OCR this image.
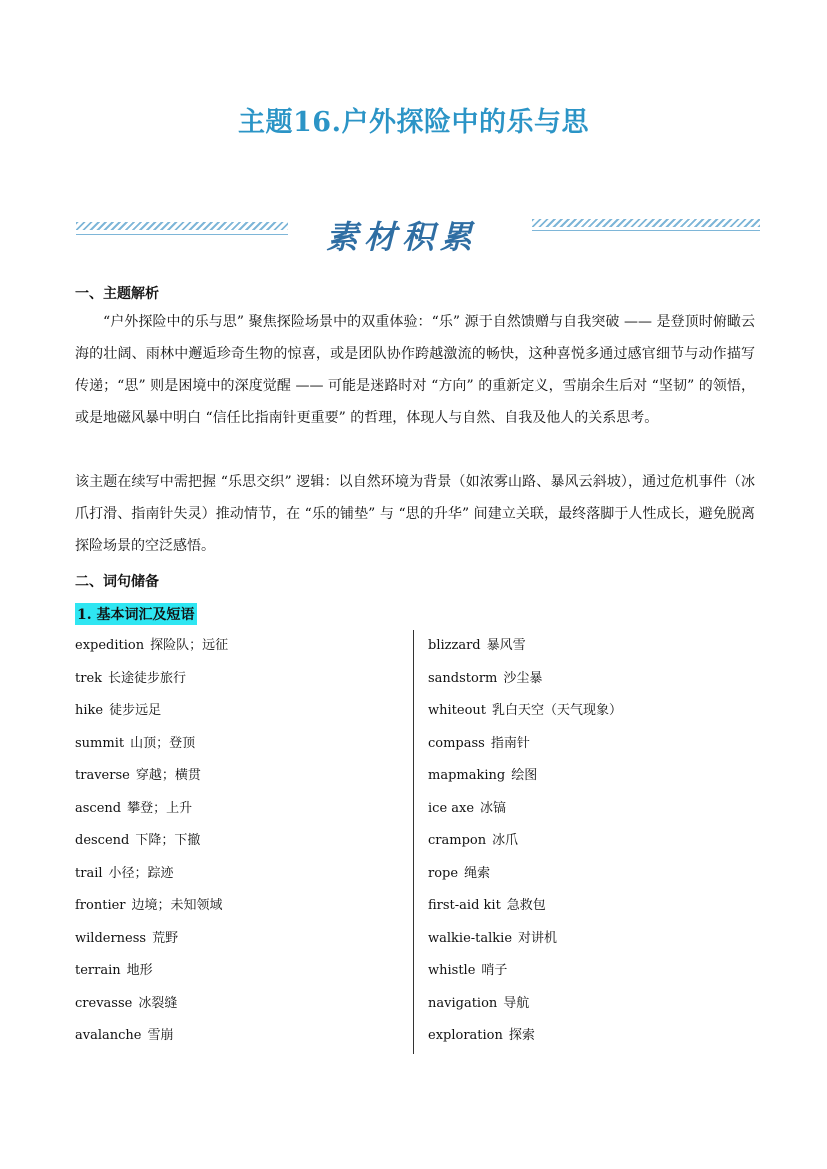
主题16.户外探险中的乐与思
素材积累
一、主题解析

“户外探险中的乐与思” 聚焦探险场景中的双重体验：“乐” 源于自然馈赠与自我突破 —— 是登顶时俯瞰云海的壮阔、雨林中邂逅珍奇生物的惊喜，或是团队协作跨越激流的畅快，这种喜悦多通过感官细节与动作描写传递；“思” 则是困境中的深度觉醒 —— 可能是迷路时对 “方向” 的重新定义，雪崩余生后对 “坚韧” 的领悟，或是地磁风暴中明白 “信任比指南针更重要” 的哲理，体现人与自然、自我及他人的关系思考。

该主题在续写中需把握 “乐思交织” 逻辑：以自然环境为背景（如浓雾山路、暴风云斜坡），通过危机事件（冰爪打滑、指南针失灵）推动情节，在 “乐的铺垫” 与 “思的升华” 间建立关联，最终落脚于人性成长，避免脱离探险场景的空泛感悟。

二、词句储备
1. 基本词汇及短语
expedition 探险队；远征
trek 长途徒步旅行
hike 徒步远足
summit 山顶；登顶
traverse 穿越；横贯
ascend 攀登；上升
descend 下降；下撤
trail 小径；踪迹
frontier 边境；未知领域
wilderness 荒野
terrain 地形
crevasse 冰裂缝
avalanche 雪崩
blizzard 暴风雪
sandstorm 沙尘暴
whiteout 乳白天空（天气现象）
compass 指南针
mapmaking 绘图
ice axe 冰镐
crampon 冰爪
rope 绳索
first-aid kit 急救包
walkie-talkie 对讲机
whistle 哨子
navigation 导航
exploration 探索
